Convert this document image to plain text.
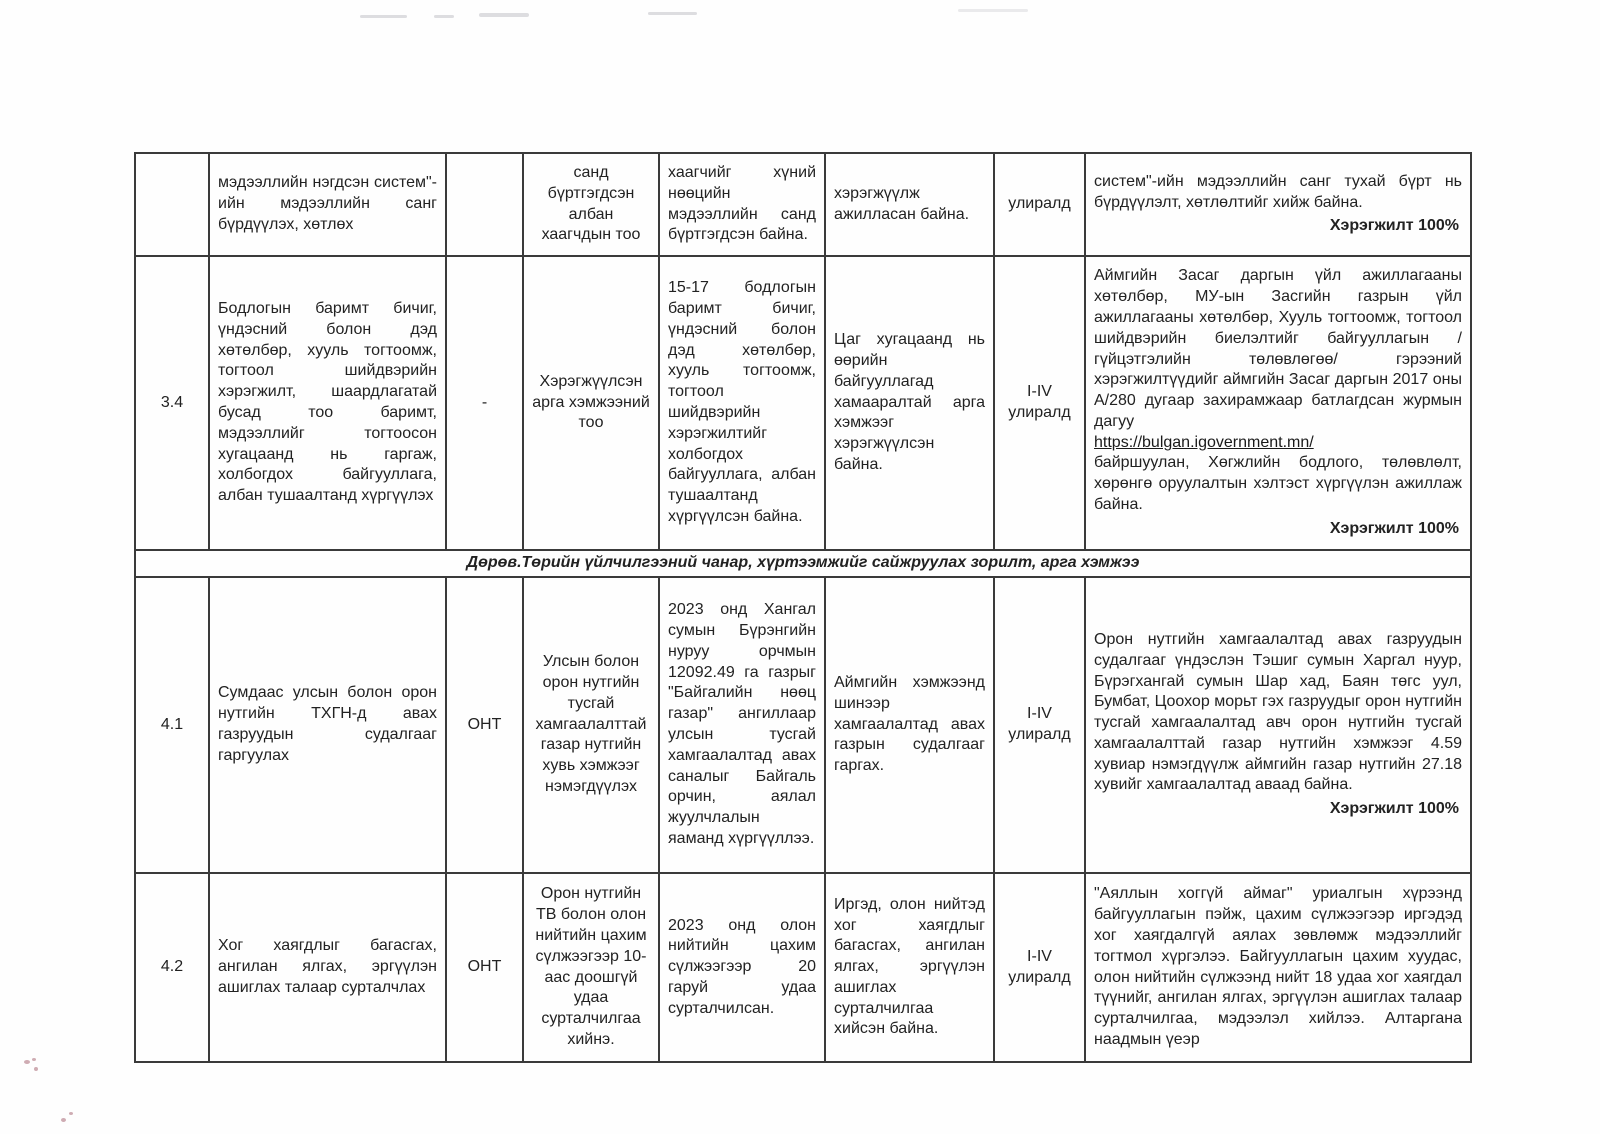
	мэдээллийн нэгдсэн систем"-ийн мэдээллийн санг бүрдүүлэх, хөтлөх		санд бүртгэгдсэн албан хаагчдын тоо	хаагчийг хүний нөөцийн мэдээллийн санд бүртгэгдсэн байна.	хэрэгжүүлж ажилласан байна.	улиралд	систем"-ийн мэдээллийн санг тухай бүрт нь бүрдүүлэлт, хөтлөлтийг хийж байна.
Хэрэгжилт 100%

3.4	Бодлогын баримт бичиг, үндэсний болон дэд хөтөлбөр, хууль тогтоомж, тогтоол шийдвэрийн хэрэгжилт, шаардлагатай бусад тоо баримт, мэдээллийг тогтоосон хугацаанд нь гаргаж, холбогдох байгууллага, албан тушаалтанд хүргүүлэх	-	Хэрэгжүүлсэн арга хэмжээний тоо	15-17 бодлогын баримт бичиг, үндэсний болон дэд хөтөлбөр, хууль тогтоомж, тогтоол шийдвэрийн хэрэгжилтийг холбогдох байгууллага, албан тушаалтанд хүргүүлсэн байна.	Цаг хугацаанд нь өөрийн байгууллагад хамааралтай арга хэмжээг хэрэгжүүлсэн байна.	I-IV улиралд	
Аймгийн Засаг даргын үйл ажиллагааны хөтөлбөр, МУ-ын Засгийн газрын үйл ажиллагааны хөтөлбөр, Хууль тогтоомж, тогтоол шийдвэрийн биелэлтийг байгууллагын /гүйцэтгэлийн төлөвлөгөө/ гэрээний хэрэгжилтүүдийг аймгийн Засаг даргын 2017 оны А/280 дугаар захирамжаар батлагдсан журмын дагуу
https://bulgan.igovernment.mn/
байршуулан, Хөгжлийн бодлого, төлөвлөлт, хөрөнгө оруулалтын хэлтэст хүргүүлэн ажиллаж байна.
Хэрэгжилт 100%

Дөрөв.Төрийн үйлчилгээний чанар, хүртээмжийг сайжруулах зорилт, арга хэмжээ							
4.1	Сумдаас улсын болон орон нутгийн ТХГН-д авах газруудын судалгааг гаргуулах	ОНТ	Улсын болон орон нутгийн тусгай хамгаалалттай газар нутгийн хувь хэмжээг нэмэгдүүлэх	2023 онд Хангал сумын Бүрэнгийн нуруу орчмын 12092.49 га газрыг "Байгалийн нөөц газар" ангиллаар улсын тусгай хамгаалалтад авах саналыг Байгаль орчин, аялал жуулчлалын яаманд хүргүүллээ.	Аймгийн хэмжээнд шинээр хамгаалалтад авах газрын судалгааг гаргах.	I-IV улиралд	Орон нутгийн хамгаалалтад авах газруудын судалгааг үндэслэн Тэшиг сумын Харгал нуур, Бүрэгхангай сумын Шар хад, Баян төгс уул, Бумбат, Цоохор морьт гэх газруудыг орон нутгийн тусгай хамгаалалтад авч орон нутгийн тусгай хамгаалалттай газар нутгийн хэмжээг 4.59 хувиар нэмэгдүүлж аймгийн газар нутгийн 27.18 хувийг хамгаалалтад аваад байна.
Хэрэгжилт 100%

4.2	Хог хаягдлыг багасгах, ангилан ялгах, эргүүлэн ашиглах талаар сурталчлах	ОНТ	Орон нутгийн ТВ болон олон нийтийн цахим сүлжээгээр 10-аас доошгүй удаа сурталчилгаа хийнэ.	2023 онд олон нийтийн цахим сүлжээгээр 20 гаруй удаа сурталчилсан.	Иргэд, олон нийтэд хог хаягдлыг багасгах, ангилан ялгах, эргүүлэн ашиглах сурталчилгаа хийсэн байна.	I-IV улиралд	"Аяллын хоггүй аймаг" уриалгын хүрээнд байгууллагын пэйж, цахим сүлжээгээр иргэдэд хог хаягдалгүй аялах зөвлөмж мэдээллийг тогтмол хүргэлээ. Байгууллагын цахим хуудас, олон нийтийн сүлжээнд нийт 18 удаа хог хаягдал түүнийг, ангилан ялгах, эргүүлэн ашиглах талаар сурталчилгаа, мэдээлэл хийлээ. Алтаргана наадмын үеэр
